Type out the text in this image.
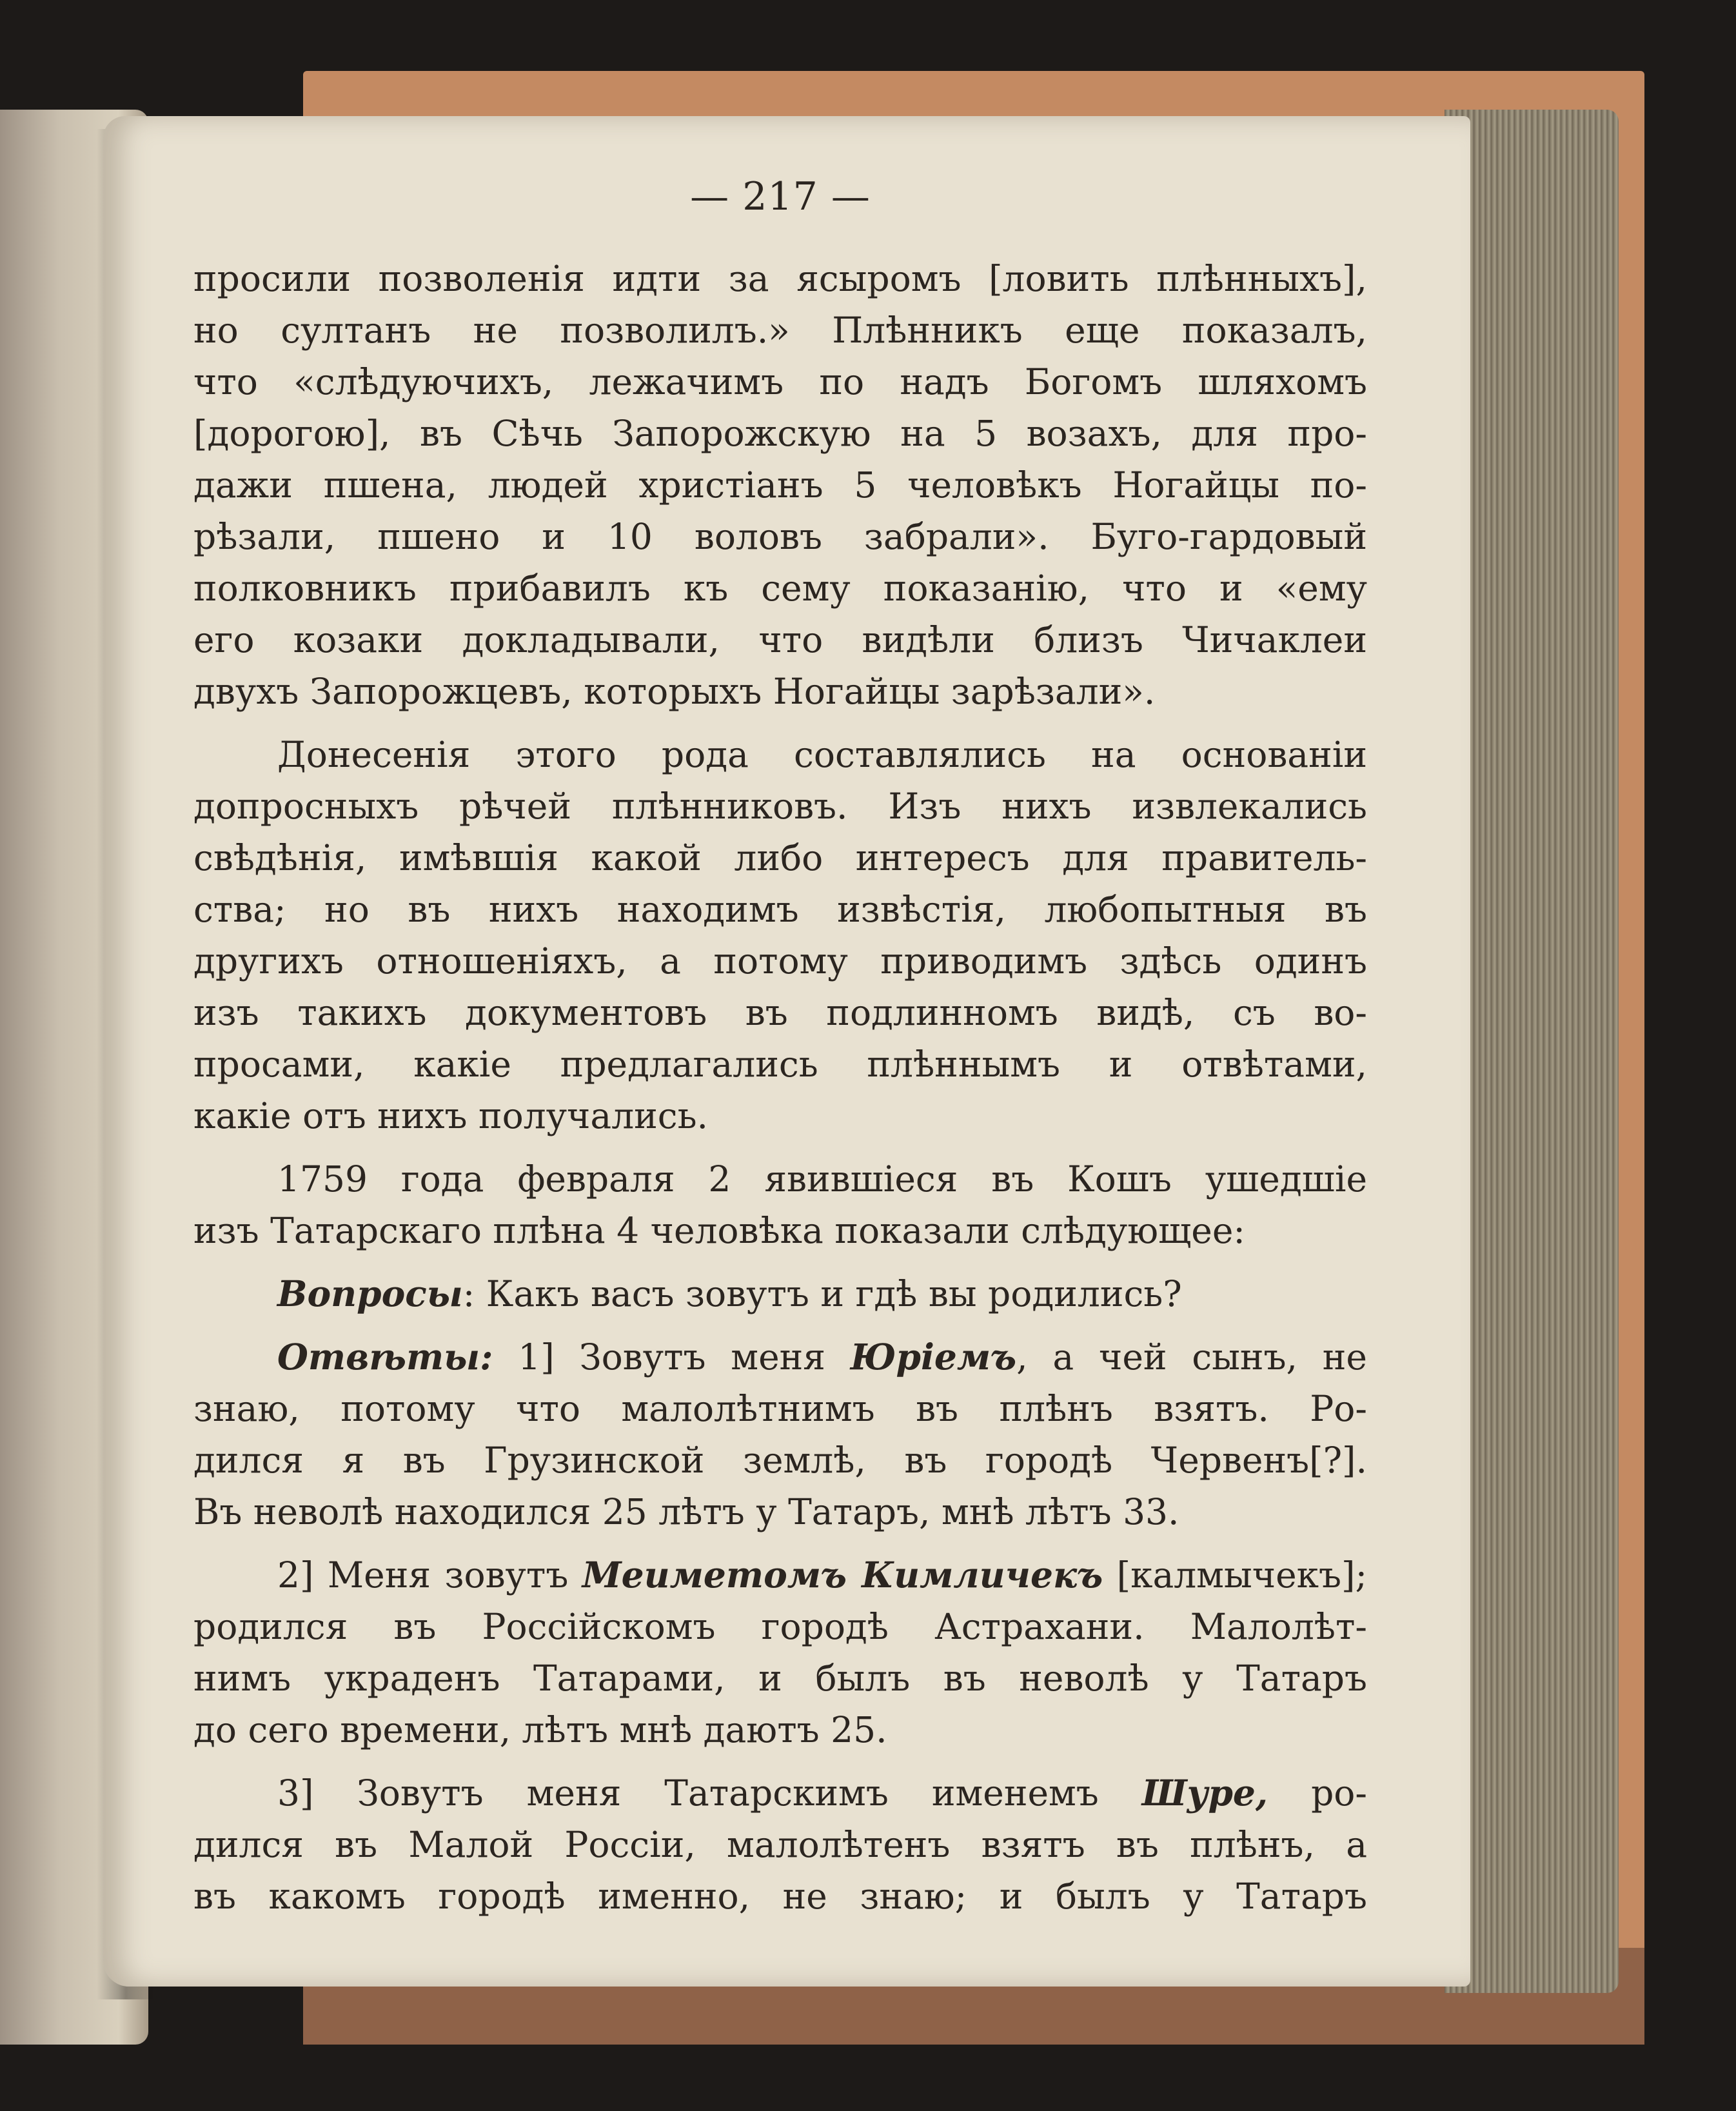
— 217 —
просили позволенія идти за ясыромъ [ловить плѣнныхъ],
но султанъ не позволилъ.» Плѣнникъ еще показалъ,
что «слѣдуючихъ, лежачимъ по надъ Богомъ шляхомъ
[дорогою], въ Сѣчь Запорожскую на 5 возахъ, для про-
дажи пшена, людей христіанъ 5 человѣкъ Ногайцы по-
рѣзали, пшено и 10 воловъ забрали». Буго-гардовый
полковникъ прибавилъ къ сему показанію, что и «ему
его козаки докладывали, что видѣли близъ Чичаклеи
двухъ Запорожцевъ, которыхъ Ногайцы зарѣзали».
Донесенія этого рода составлялись на основаніи
допросныхъ рѣчей плѣнниковъ. Изъ нихъ извлекались
свѣдѣнія, имѣвшія какой либо интересъ для правитель-
ства; но въ нихъ находимъ извѣстія, любопытныя въ
другихъ отношеніяхъ, а потому приводимъ здѣсь одинъ
изъ такихъ документовъ въ подлинномъ видѣ, съ во-
просами, какіе предлагались плѣннымъ и отвѣтами,
какіе отъ нихъ получались.
1759 года февраля 2 явившіеся въ Кошъ ушедшіе
изъ Татарскаго плѣна 4 человѣка показали слѣдующее:
Вопросы: Какъ васъ зовутъ и гдѣ вы родились?
Отвѣты: 1] Зовутъ меня Юріемъ, а чей сынъ, не
знаю, потому что малолѣтнимъ въ плѣнъ взятъ. Ро-
дился я въ Грузинской землѣ, въ городѣ Червенъ[?].
Въ неволѣ находился 25 лѣтъ у Татаръ, мнѣ лѣтъ 33.
2] Меня зовутъ Меиметомъ Кимличекъ [калмычекъ];
родился въ Россійскомъ городѣ Астрахани. Малолѣт-
нимъ украденъ Татарами, и былъ въ неволѣ у Татаръ
до сего времени, лѣтъ мнѣ даютъ 25.
3] Зовутъ меня Татарскимъ именемъ Шуре, ро-
дился въ Малой Россіи, малолѣтенъ взятъ въ плѣнъ, а
въ какомъ городѣ именно, не знаю; и былъ у Татаръ
